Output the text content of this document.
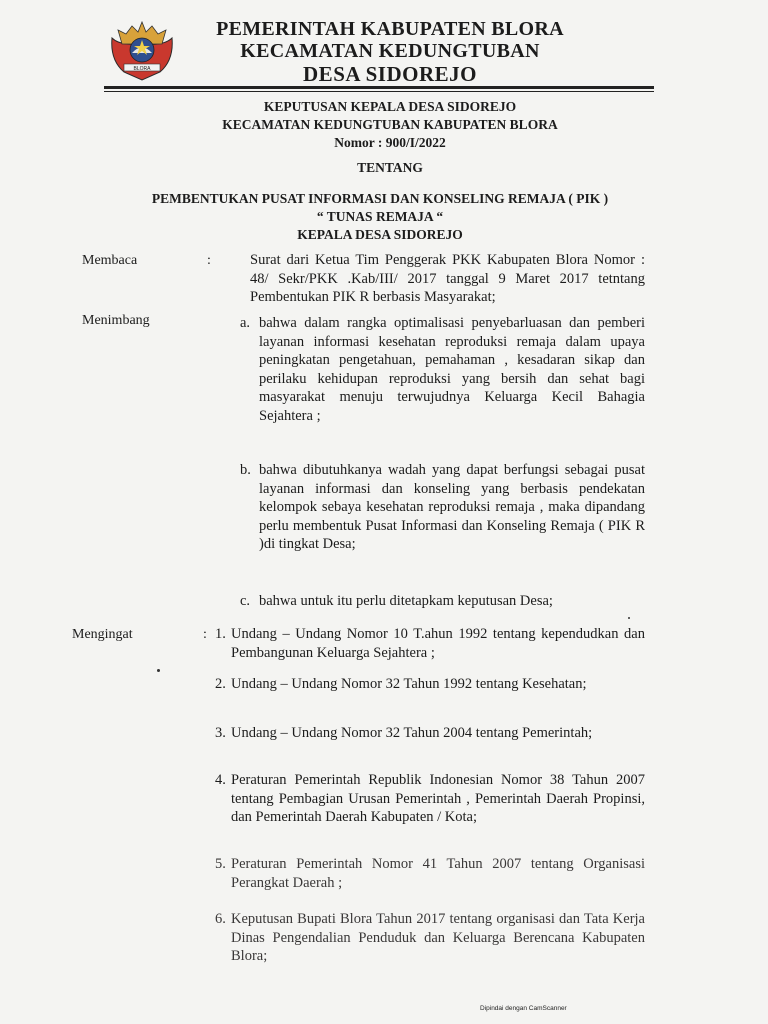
BLORA
PEMERINTAH KABUPATEN BLORA
KECAMATAN KEDUNGTUBAN
DESA SIDOREJO
KEPUTUSAN KEPALA DESA SIDOREJO
KECAMATAN KEDUNGTUBAN KABUPATEN BLORA
Nomor : 900/I/2022
TENTANG
PEMBENTUKAN PUSAT INFORMASI DAN KONSELING REMAJA ( PIK )
“ TUNAS REMAJA “
KEPALA DESA SIDOREJO
Membaca	:	Surat dari Ketua Tim Penggerak PKK Kabupaten Blora Nomor : 48/ Sekr/PKK .Kab/III/ 2017 tanggal 9 Maret 2017 tetntang Pembentukan PIK R berbasis Masyarakat;
Menimbang	a. bahwa dalam rangka optimalisasi penyebarluasan dan pemberi layanan informasi kesehatan reproduksi remaja dalam upaya peningkatan pengetahuan, pemahaman , kesadaran sikap dan perilaku kehidupan reproduksi yang bersih dan sehat bagi masyarakat menuju terwujudnya Keluarga Kecil Bahagia Sejahtera ;
b. bahwa dibutuhkanya wadah yang dapat berfungsi sebagai pusat layanan informasi dan konseling yang berbasis pendekatan kelompok sebaya kesehatan reproduksi remaja , maka dipandang perlu membentuk Pusat Informasi dan Konseling Remaja ( PIK R )di tingkat Desa;
c. bahwa untuk itu perlu ditetapkam keputusan Desa;
Mengingat	: 1. Undang – Undang Nomor 10 T.ahun 1992 tentang kependudkan dan Pembangunan Keluarga Sejahtera ;
2. Undang – Undang Nomor 32 Tahun 1992 tentang Kesehatan;
3. Undang – Undang Nomor 32 Tahun 2004 tentang Pemerintah;
4. Peraturan Pemerintah Republik Indonesian Nomor 38 Tahun 2007 tentang Pembagian Urusan Pemerintah , Pemerintah Daerah Propinsi, dan Pemerintah Daerah Kabupaten / Kota;
5. Peraturan Pemerintah Nomor 41 Tahun 2007 tentang Organisasi Perangkat Daerah ;
6. Keputusan Bupati Blora Tahun 2017 tentang organisasi dan Tata Kerja Dinas Pengendalian Penduduk dan Keluarga Berencana Kabupaten Blora;
Dipindai dengan CamScanner
